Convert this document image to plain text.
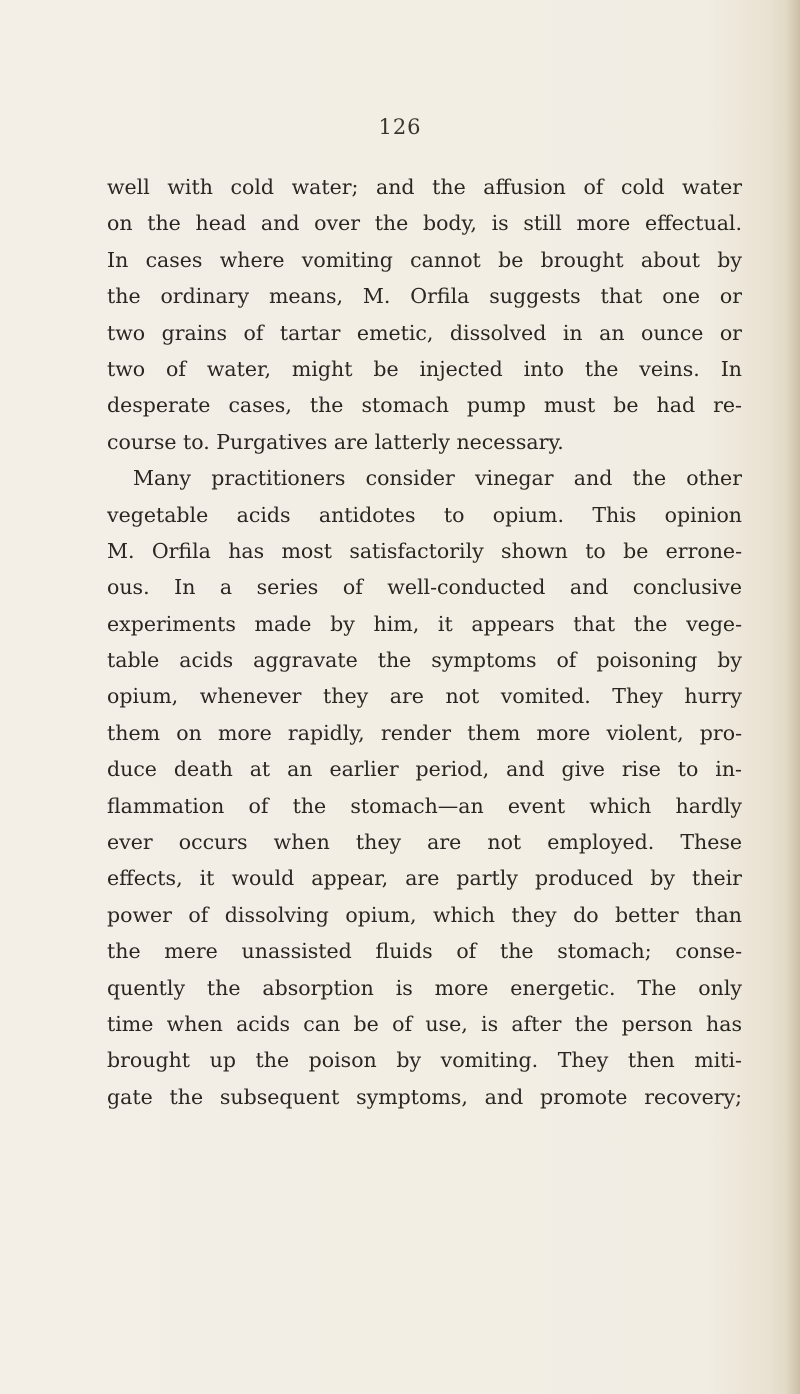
126
well with cold water; and the affusion of cold water
on the head and over the body, is still more effectual.
In cases where vomiting cannot be brought about by
the ordinary means, M. Orfila suggests that one or
two grains of tartar emetic, dissolved in an ounce or
two of water, might be injected into the veins. In
desperate cases, the stomach pump must be had re-
course to. Purgatives are latterly necessary.
Many practitioners consider vinegar and the other
vegetable acids antidotes to opium. This opinion
M. Orfila has most satisfactorily shown to be errone-
ous. In a series of well-conducted and conclusive
experiments made by him, it appears that the vege-
table acids aggravate the symptoms of poisoning by
opium, whenever they are not vomited. They hurry
them on more rapidly, render them more violent, pro-
duce death at an earlier period, and give rise to in-
flammation of the stomach—an event which hardly
ever occurs when they are not employed. These
effects, it would appear, are partly produced by their
power of dissolving opium, which they do better than
the mere unassisted fluids of the stomach; conse-
quently the absorption is more energetic. The only
time when acids can be of use, is after the person has
brought up the poison by vomiting. They then miti-
gate the subsequent symptoms, and promote recovery;
